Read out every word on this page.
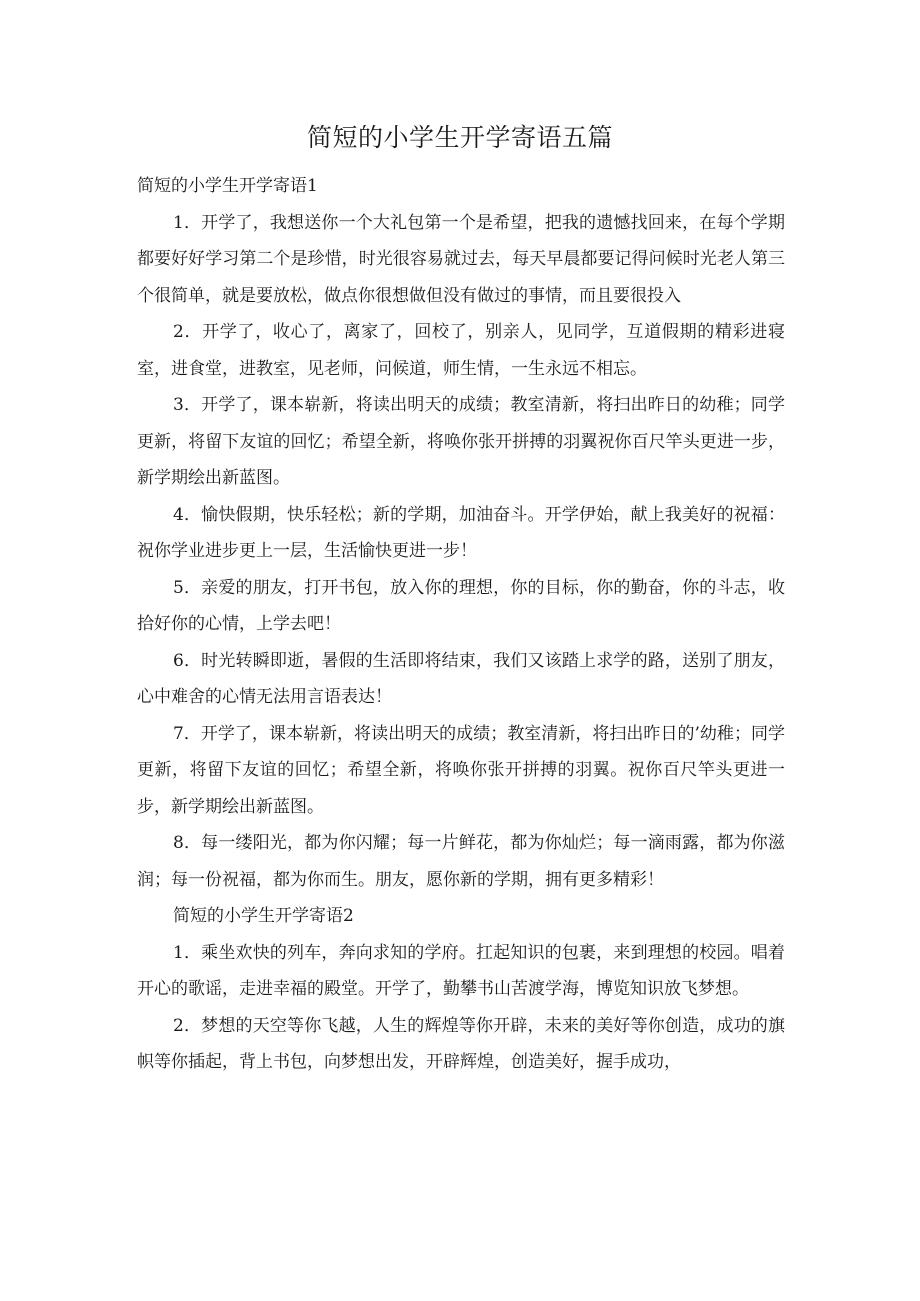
简短的小学生开学寄语五篇
简短的小学生开学寄语1

1．开学了，我想送你一个大礼包第一个是希望，把我的遗憾找回来，在每个学期都要好好学习第二个是珍惜，时光很容易就过去，每天早晨都要记得问候时光老人第三个很简单，就是要放松，做点你很想做但没有做过的事情，而且要很投入

2．开学了，收心了，离家了，回校了，别亲人，见同学，互道假期的精彩进寝室，进食堂，进教室，见老师，问候道，师生情，一生永远不相忘。

3．开学了，课本崭新，将读出明天的成绩；教室清新，将扫出昨日的幼稚；同学更新，将留下友谊的回忆；希望全新，将唤你张开拼搏的羽翼祝你百尺竿头更进一步，新学期绘出新蓝图。

4．愉快假期，快乐轻松；新的学期，加油奋斗。开学伊始，献上我美好的祝福：祝你学业进步更上一层，生活愉快更进一步！

5．亲爱的朋友，打开书包，放入你的理想，你的目标，你的勤奋，你的斗志，收拾好你的心情，上学去吧！

6．时光转瞬即逝，暑假的生活即将结束，我们又该踏上求学的路，送别了朋友，心中难舍的心情无法用言语表达！

7．开学了，课本崭新，将读出明天的成绩；教室清新，将扫出昨日的’幼稚；同学更新，将留下友谊的回忆；希望全新，将唤你张开拼搏的羽翼。祝你百尺竿头更进一步，新学期绘出新蓝图。

8．每一缕阳光，都为你闪耀；每一片鲜花，都为你灿烂；每一滴雨露，都为你滋润；每一份祝福，都为你而生。朋友，愿你新的学期，拥有更多精彩！

简短的小学生开学寄语2

1．乘坐欢快的列车，奔向求知的学府。扛起知识的包裹，来到理想的校园。唱着开心的歌谣，走进幸福的殿堂。开学了，勤攀书山苦渡学海，博览知识放飞梦想。

2．梦想的天空等你飞越，人生的辉煌等你开辟，未来的美好等你创造，成功的旗帜等你插起，背上书包，向梦想出发，开辟辉煌，创造美好，握手成功，
